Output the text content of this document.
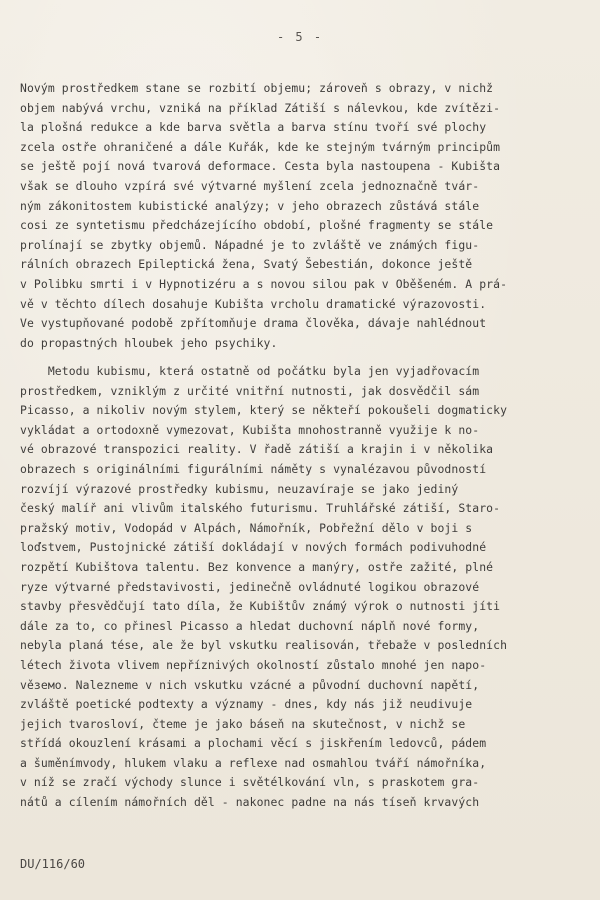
- 5 -
Novým prostředkem stane se rozbití objemu; zároveň s obrazy, v nichž
objem nabývá vrchu, vzniká na příklad Zátiší s nálevkou, kde zvítězi-
la plošná redukce a kde barva světla a barva stínu tvoří své plochy
zcela ostře ohraničené a dále Kuřák, kde ke stejným tvárným principům
se ještě pojí nová tvarová deformace. Cesta byla nastoupena - Kubišta
však se dlouho vzpírá své výtvarné myšlení zcela jednoznačně tvár-
ným zákonitostem kubistické analýzy; v jeho obrazech zůstává stále
cosi ze syntetismu předcházejícího období, plošné fragmenty se stále
prolínají se zbytky objemů. Nápadné je to zvláště ve známých figu-
rálních obrazech Epileptická žena, Svatý Šebestián, dokonce ještě
v Polibku smrti i v Hypnotizéru a s novou silou pak v Oběšeném. A prá-
vě v těchto dílech dosahuje Kubišta vrcholu dramatické výrazovosti.
Ve vystupňované podobě zpřítomňuje drama člověka, dávaje nahlédnout
do propastných hloubek jeho psychiky.
Metodu kubismu, která ostatně od počátku byla jen vyjadřovacím
prostředkem, vzniklým z určité vnitřní nutnosti, jak dosvědčil sám
Picasso, a nikoliv novým stylem, který se někteří pokoušeli dogmaticky
vykládat a ortodoxně vymezovat, Kubišta mnohostranně využije k no-
vé obrazové transpozici reality. V řadě zátiší a krajin i v několika
obrazech s originálními figurálními náměty s vynalézavou původností
rozvíjí výrazové prostředky kubismu, neuzavíraje se jako jediný
český malíř ani vlivům italského futurismu. Truhlářské zátiší, Staro-
pražský motiv, Vodopád v Alpách, Námořník, Pobřežní dělo v boji s
loďstvem, Pustojnické zátiší dokládají v nových formách podivuhodné
rozpětí Kubištova talentu. Bez konvence a manýry, ostře zažité, plné
ryze výtvarné představivosti, jedinečně ovládnuté logikou obrazové
stavby přesvědčují tato díla, že Kubištův známý výrok o nutnosti jíti
dále za to, co přinesl Picasso a hledat duchovní náplň nové formy,
nebyla planá tése, ale že byl vskutku realisován, třebaže v posledních
létech života vlivem nepříznivých okolností zůstalo mnohé jen napo-
věземo. Nalezneme v nich vskutku vzácné a původní duchovní napětí,
zvláště poetické podtexty a významy - dnes, kdy nás již neudivuje
jejich tvarosloví, čteme je jako báseň na skutečnost, v nichž se
střídá okouzlení krásami a plochami věcí s jiskřením ledovců, pádem
a šuměnímvody, hlukem vlaku a reflexe nad osmahlou tváří námořníka,
v níž se zračí východy slunce i světélkování vln, s praskotem gra-
nátů a cílením námořních děl - nakonec padne na nás tíseň krvavých
DU/116/60
